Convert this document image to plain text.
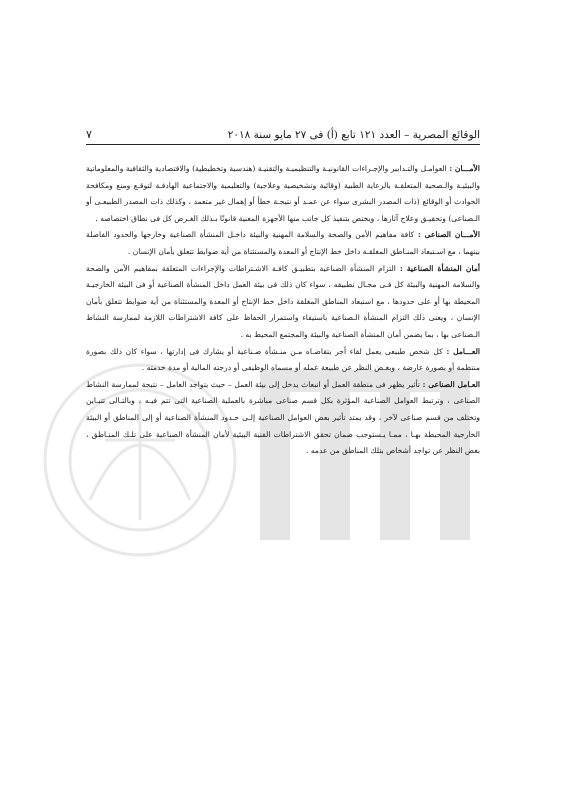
الوقائع المصرية – العدد ١٢١ تابع (أ) فى ٢٧ مايو سنة ٢٠١٨
٧

الأمـــان : العوامـل والتـدابير والإجـراءات القانونيـة والتنظيميـة والتقنيـة (هندسية وتخطيطية) والاقتصادية والثقافية والمعلوماتية والبيئيـة والـصحية المتعلقـة بالرعاية الطبية (وقائية وتشخيصية وعلاجية) والتعليمية والاجتماعية الهادفـة لتوقـع ومنع ومكافحة الحوادث أو الوقائع (ذات المصدر البشرى سواء عن عمـد أو نتيجـة خطأ أو إهمال غير متعمد ، وكذلك ذات المصدر الطبيعـى أو الـصناعى) وتحقيـق وعلاج آثارها ، ويختص بتنفيذ كل جانب منها الأجهزة المعنية قانونًا بـذلك الغـرض كل فى نطاق اختصاصه .

الأمـــان الصناعى : كافة مفاهيم الأمن والصحة والسلامة المهنية والبيئة داخـل المنشأة الصناعية وخارجها والحدود الفاصلة بينهما ، مع اسـتبعاد المنـاطق المغلقـة داخل خط الإنتاج أو المعدة والمستثناة من أية ضوابط تتعلق بأمان الإنسان .

أمان المنشأة الصناعية : التزام المنشأة الصناعية بتطبيـق كافـة الاشـتراطات والإجراءات المتعلقة بمفاهيم الأمن والصحة والسلامة المهنية والبيئة كل فـى مجـال تطبيقه ، سواء كان ذلك فى بيئة العمل داخل المنشأة الصناعية أو فى البيئة الخارجيـة المحيطة بها أو على حدودها ، مع استبعاد المناطق المغلقة داخل خط الإنتاج أو المعدة والمستثناة من أية ضوابط تتعلق بأمان الإنسان ، ويعنى ذلك التزام المنشأة الـصناعية باستيفاء واستمرار الحفاظ على كافة الاشتراطات اللازمة لممارسة النشاط الـصناعى بها ، بما يضمن أمان المنشأة الصناعية والبيئة والمجتمع المحيط به .

العـــامل : كل شخص طبيعى يعمل لقاء أجر يتقاضـاه مـن منـشأة صـناعية أو يشارك فى إدارتها ، سواء كان ذلك بصورة منتظمة أو بصورة عارضة ، وبغـض النظر عن طبيعة عمله أو مسماه الوظيفى أو درجته المالية أو مدة خدمته .

العـامل الصناعى : تأثير يظهر فى منطقة العمل أو انبعاث يدخل إلى بيئة العمل – حيث يتواجد العامل – نتيجة لممارسة النشاط الصناعى ، وترتبط العوامل الصناعية المؤثرة بكل قسم صناعى مباشرة بالعملية الصناعية التى تتم فيـه ، وبالتـالى تتبـاين وتختلف من قسم صناعى لآخر ، وقد يمتد تأثير بعض العوامل الصناعية إلـى حـدود المنشأة الصناعية أو إلى المناطق أو البيئة الخارجية المحيطة بهـا ، ممـا يـستوجب ضمان تحقق الاشتراطات الفنية البيئية لأمان المنشأة الصناعية على تلـك المنـاطق ، بغض النظر عن تواجد أشخاص بتلك المناطق من عدمه .
